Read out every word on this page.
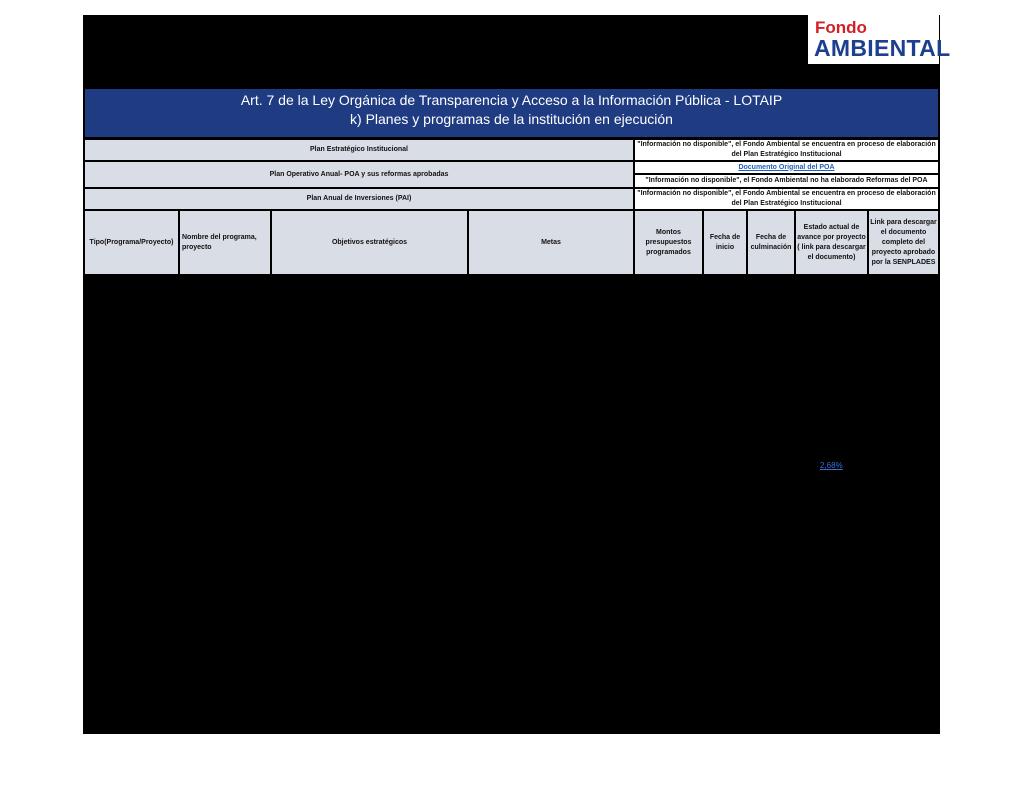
Fondo
AMBIENTAL
Art. 7 de la Ley Orgánica de Transparencia y Acceso a la Información Pública - LOTAIP
k) Planes y programas de la institución en ejecución
Plan Estratégico Institucional
"Información no disponible", el Fondo Ambiental se encuentra en proceso de elaboración del Plan Estratégico Institucional
Plan Operativo Anual- POA y sus reformas aprobadas
Documento Original del POA
"Información no disponible", el Fondo Ambiental no ha elaborado Reformas del POA
Plan Anual de Inversiones (PAI)
"Información no disponible", el Fondo Ambiental se encuentra en proceso de elaboración del Plan Estratégico Institucional
Tipo(Programa/Proyecto)
Nombre del programa, proyecto
Objetivos estratégicos	Metas
Montos presupuestos programados
Fecha de inicio
Fecha de culminación
Estado actual de avance por proyecto ( link para descargar el documento)
Link para descargar el documento completo del proyecto aprobado por la SENPLADES
2,68%
